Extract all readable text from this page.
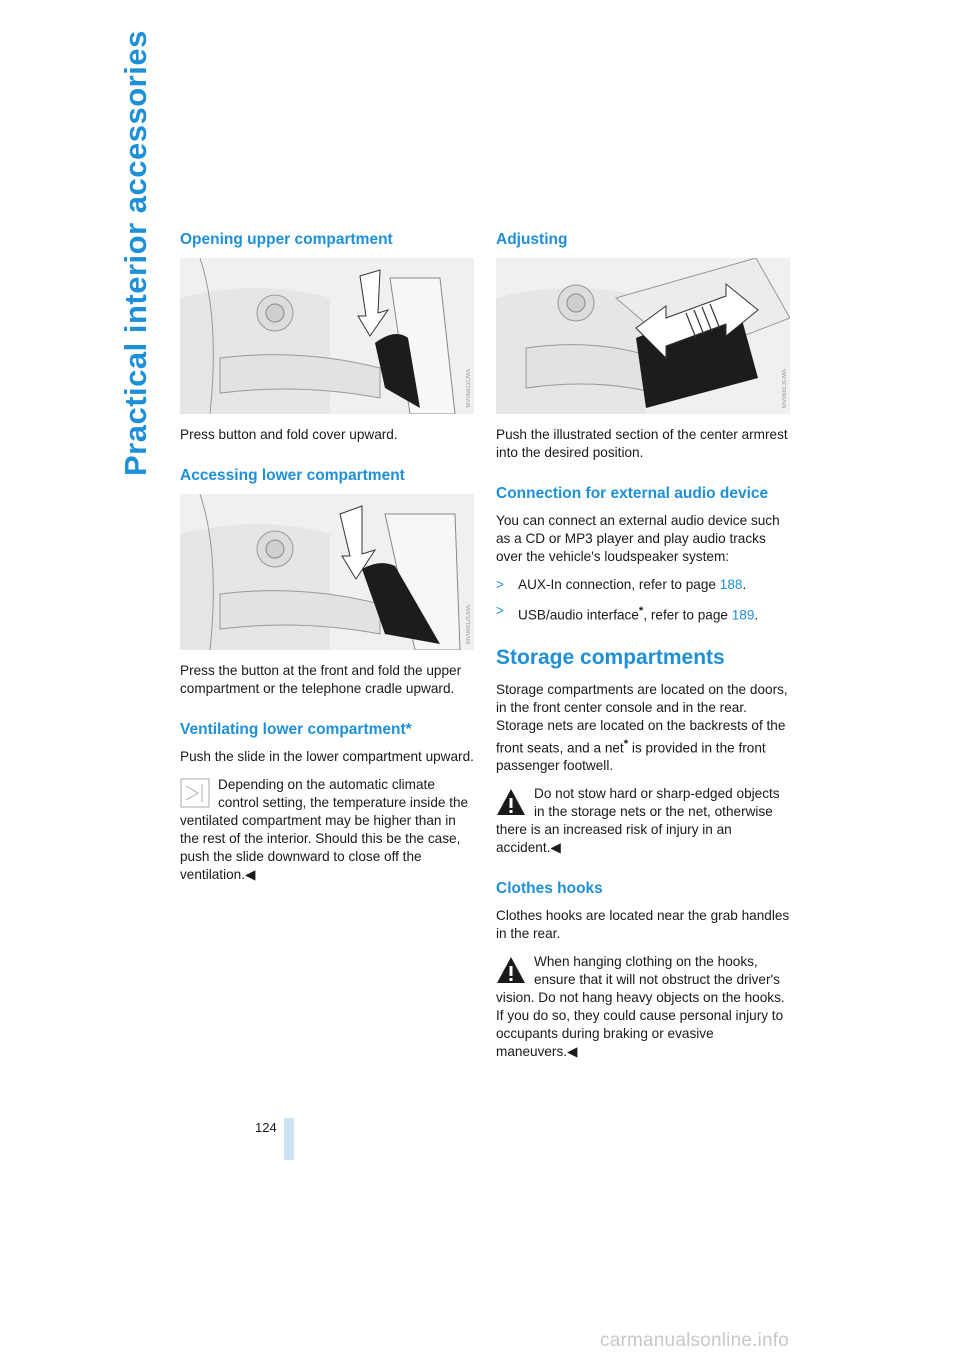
Practical interior accessories Opening upper compartment
MV06811CMA

Press button and fold cover upward.

Accessing lower compartment
MV06812CMA

Press the button at the front and fold the upper compartment or the telephone cradle upward.

Ventilating lower compartment*

Push the slide in the lower compartment upward.

Depending on the automatic climate control setting, the temperature inside the ventilated compartment may be higher than in the rest of the interior. Should this be the case, push the slide downward to close off the ventilation.◀

Adjusting
MV06813CMA

Push the illustrated section of the center armrest into the desired position.

Connection for external audio device

You can connect an external audio device such as a CD or MP3 player and play audio tracks over the vehicle's loudspeaker system:

>	AUX-In connection, refer to page 188.
>	USB/audio interface*, refer to page 189.
Storage compartments

Storage compartments are located on the doors, in the front center console and in the rear.

Storage nets are located on the backrests of the front seats, and a net* is provided in the front passenger footwell.

Do not stow hard or sharp-edged objects in the storage nets or the net, otherwise there is an increased risk of injury in an accident.◀

Clothes hooks

Clothes hooks are located near the grab handles in the rear.

When hanging clothing on the hooks, ensure that it will not obstruct the driver's vision. Do not hang heavy objects on the hooks. If you do so, they could cause personal injury to occupants during braking or evasive maneuvers.◀

124
carmanualsonline.info
